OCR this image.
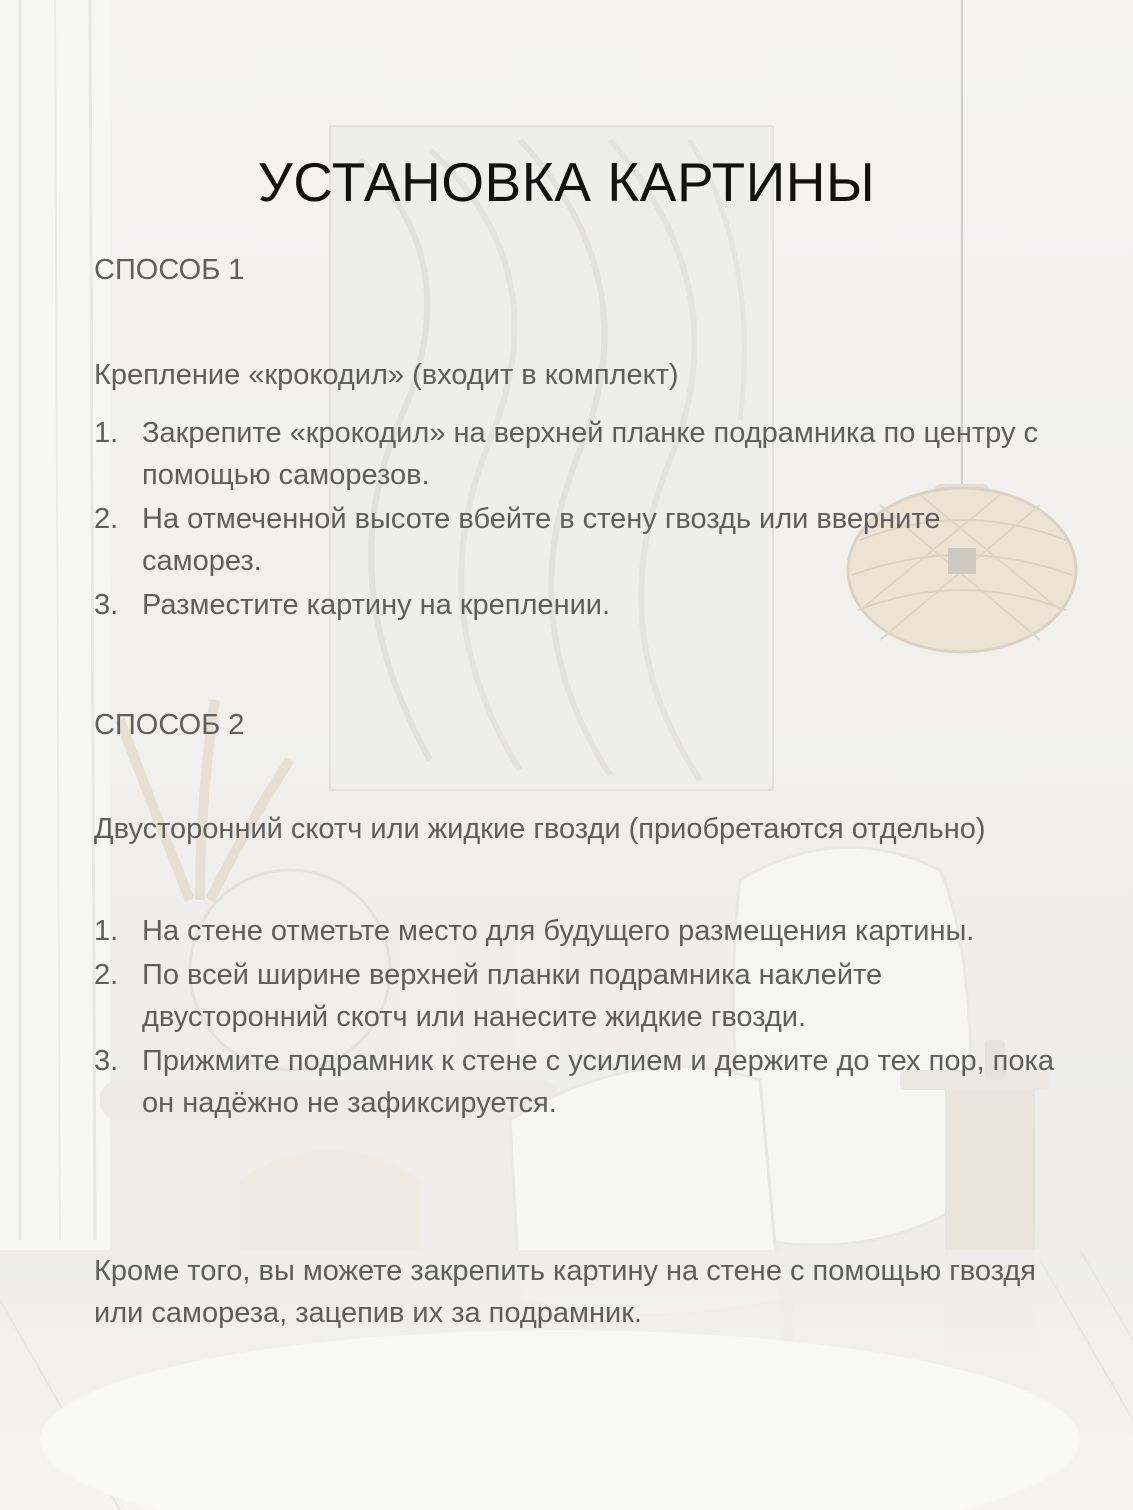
УСТАНОВКА КАРТИНЫ

СПОСОБ 1

Крепление «крокодил» (входит в комплект)

1. Закрепите «крокодил» на верхней планке подрамника по центру с помощью саморезов.
2. На отмеченной высоте вбейте в стену гвоздь или вверните саморез.
3. Разместите картину на креплении.

СПОСОБ 2

Двусторонний скотч или жидкие гвозди (приобретаются отдельно)

1. На стене отметьте место для будущего размещения картины.
2. По всей ширине верхней планки подрамника наклейте двусторонний скотч или нанесите жидкие гвозди.
3. Прижмите подрамник к стене с усилием и держите до тех пор, пока он надёжно не зафиксируется.

Кроме того, вы можете закрепить картину на стене с помощью гвоздя или самореза, зацепив их за подрамник.
